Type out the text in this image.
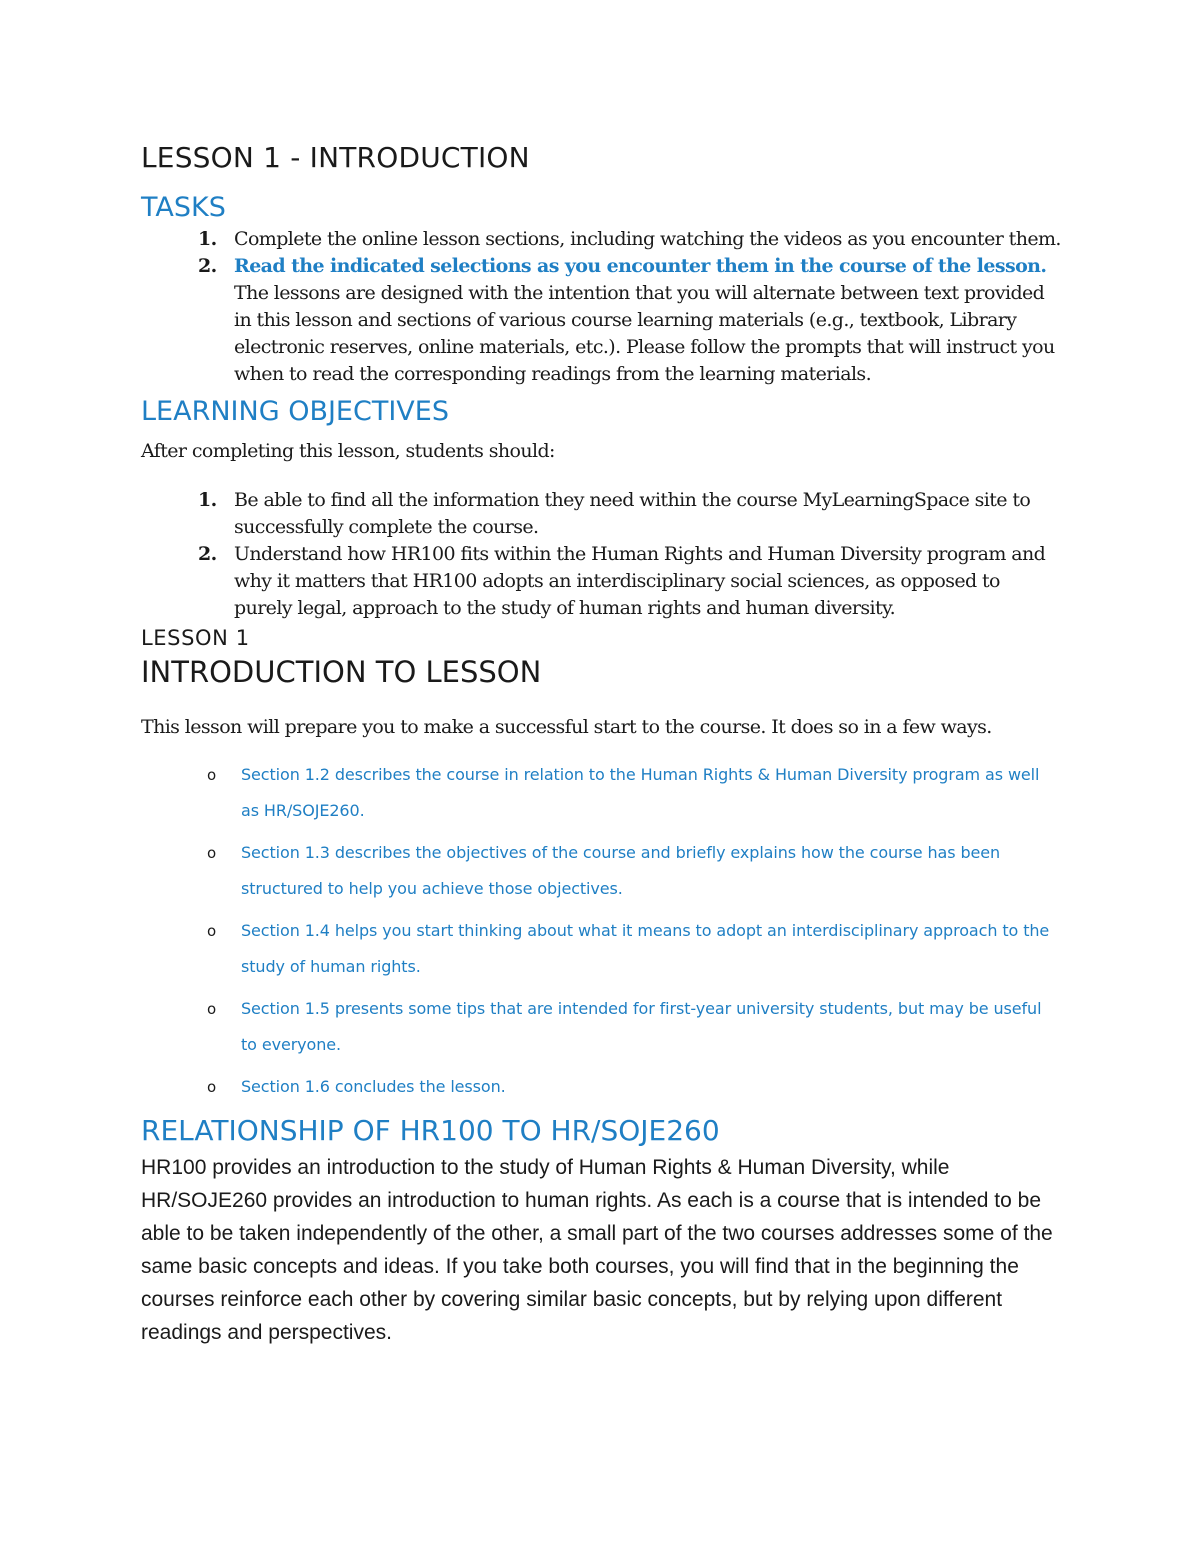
LESSON 1 - INTRODUCTION
TASKS
1. Complete the online lesson sections, including watching the videos as you encounter them.
2. Read the indicated selections as you encounter them in the course of the lesson. The lessons are designed with the intention that you will alternate between text provided in this lesson and sections of various course learning materials (e.g., textbook, Library electronic reserves, online materials, etc.). Please follow the prompts that will instruct you when to read the corresponding readings from the learning materials.
LEARNING OBJECTIVES

After completing this lesson, students should:

1. Be able to find all the information they need within the course MyLearningSpace site to successfully complete the course.
2. Understand how HR100 fits within the Human Rights and Human Diversity program and why it matters that HR100 adopts an interdisciplinary social sciences, as opposed to purely legal, approach to the study of human rights and human diversity.
LESSON 1
INTRODUCTION TO LESSON

This lesson will prepare you to make a successful start to the course. It does so in a few ways.

o Section 1.2 describes the course in relation to the Human Rights & Human Diversity program as well as HR/SOJE260.
o Section 1.3 describes the objectives of the course and briefly explains how the course has been structured to help you achieve those objectives.
o Section 1.4 helps you start thinking about what it means to adopt an interdisciplinary approach to the study of human rights.
o Section 1.5 presents some tips that are intended for first-year university students, but may be useful to everyone.
o Section 1.6 concludes the lesson.
RELATIONSHIP OF HR100 TO HR/SOJE260

HR100 provides an introduction to the study of Human Rights & Human Diversity, while HR/SOJE260 provides an introduction to human rights. As each is a course that is intended to be able to be taken independently of the other, a small part of the two courses addresses some of the same basic concepts and ideas. If you take both courses, you will find that in the beginning the courses reinforce each other by covering similar basic concepts, but by relying upon different readings and perspectives.
